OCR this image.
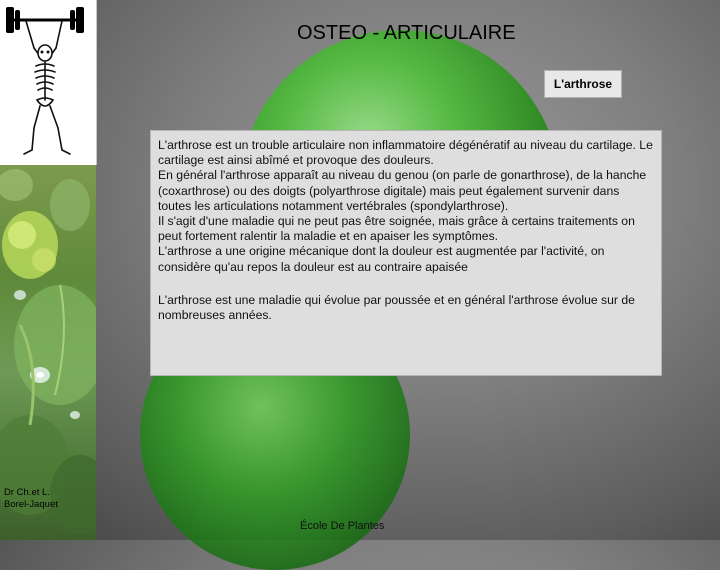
OSTEO - ARTICULAIRE
L'arthrose

L'arthrose est un trouble articulaire non inflammatoire dégénératif au niveau du cartilage. Le cartilage est ainsi abîmé et provoque des douleurs.

En général l'arthrose apparaît au niveau du genou (on parle de gonarthrose), de la hanche (coxarthrose) ou des doigts (polyarthrose digitale) mais peut également survenir dans toutes les articulations notamment vertébrales (spondylarthrose).

Il s'agit d'une maladie qui ne peut pas être soignée, mais grâce à certains traitements on peut fortement ralentir la maladie et en apaiser les symptômes.

L'arthrose a une origine mécanique dont la douleur est augmentée par l'activité, on considère qu'au repos la douleur est au contraire apaisée

L'arthrose est une maladie qui évolue par poussée et en général l'arthrose évolue sur de nombreuses années.

Dr Ch.et L.
Borel-Jaquet
École De Plantes
